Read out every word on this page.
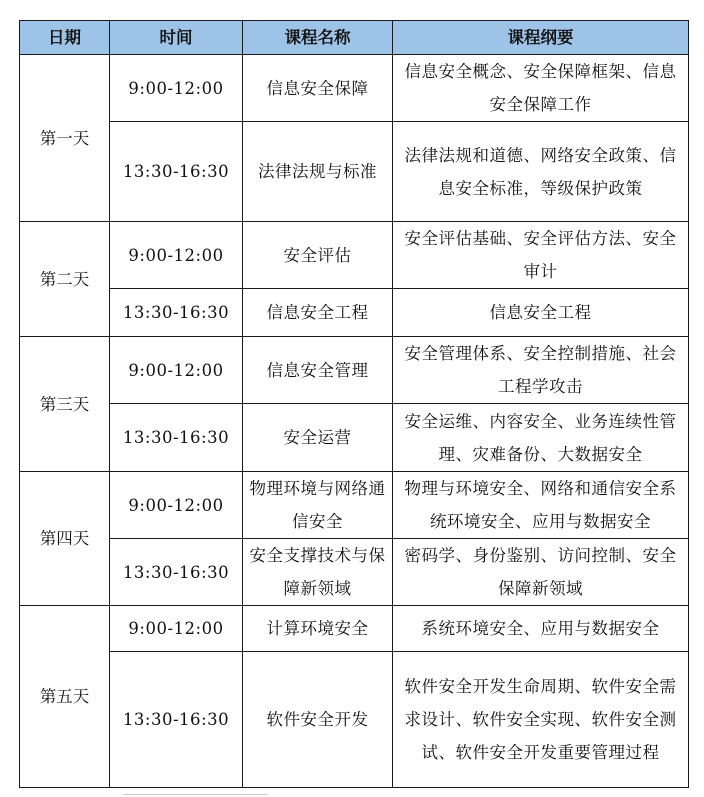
日期	时间	课程名称	课程纲要
第一天	9:00-12:00	信息安全保障	信息安全概念、安全保障框架、信息安全保障工作
	13:30-16:30	法律法规与标准	法律法规和道德、网络安全政策、信息安全标准，等级保护政策
第二天	9:00-12:00	安全评估	安全评估基础、安全评估方法、安全审计
	13:30-16:30	信息安全工程	信息安全工程
第三天	9:00-12:00	信息安全管理	安全管理体系、安全控制措施、社会工程学攻击
	13:30-16:30	安全运营	安全运维、内容安全、业务连续性管理、灾难备份、大数据安全
第四天	9:00-12:00	物理环境与网络通信安全	物理与环境安全、网络和通信安全系统环境安全、应用与数据安全
	13:30-16:30	安全支撑技术与保障新领域	密码学、身份鉴别、访问控制、安全保障新领域
第五天	9:00-12:00	计算环境安全	系统环境安全、应用与数据安全
	13:30-16:30	软件安全开发	软件安全开发生命周期、软件安全需求设计、软件安全实现、软件安全测试、软件安全开发重要管理过程
